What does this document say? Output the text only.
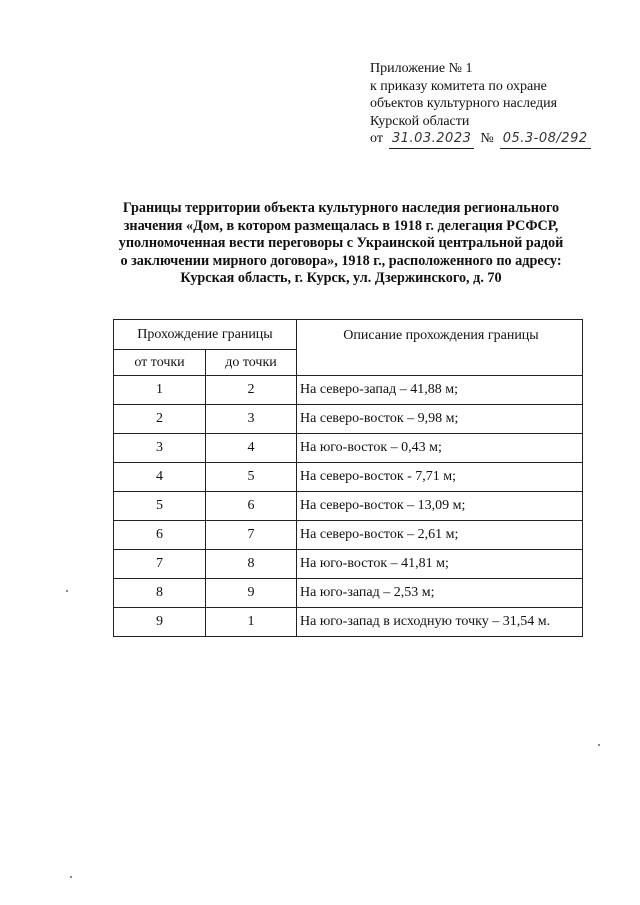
Приложение № 1
к приказу комитета по охране
объектов культурного наследия
Курской области
от 31.03.2023 № 05.3-08/292
Границы территории объекта культурного наследия регионального
значения «Дом, в котором размещалась в 1918 г. делегация РСФСР,
уполномоченная вести переговоры с Украинской центральной радой
о заключении мирного договора», 1918 г., расположенного по адресу:
Курская область, г. Курск, ул. Дзержинского, д. 70
Прохождение границы		Описание прохождения границы
от точки	до точки	
1	2	На северо-запад – 41,88 м;
2	3	На северо-восток – 9,98 м;
3	4	На юго-восток – 0,43 м;
4	5	На северо-восток - 7,71 м;
5	6	На северо-восток – 13,09 м;
6	7	На северо-восток – 2,61 м;
7	8	На юго-восток – 41,81 м;
8	9	На юго-запад – 2,53 м;
9	1	На юго-запад в исходную точку – 31,54 м.
